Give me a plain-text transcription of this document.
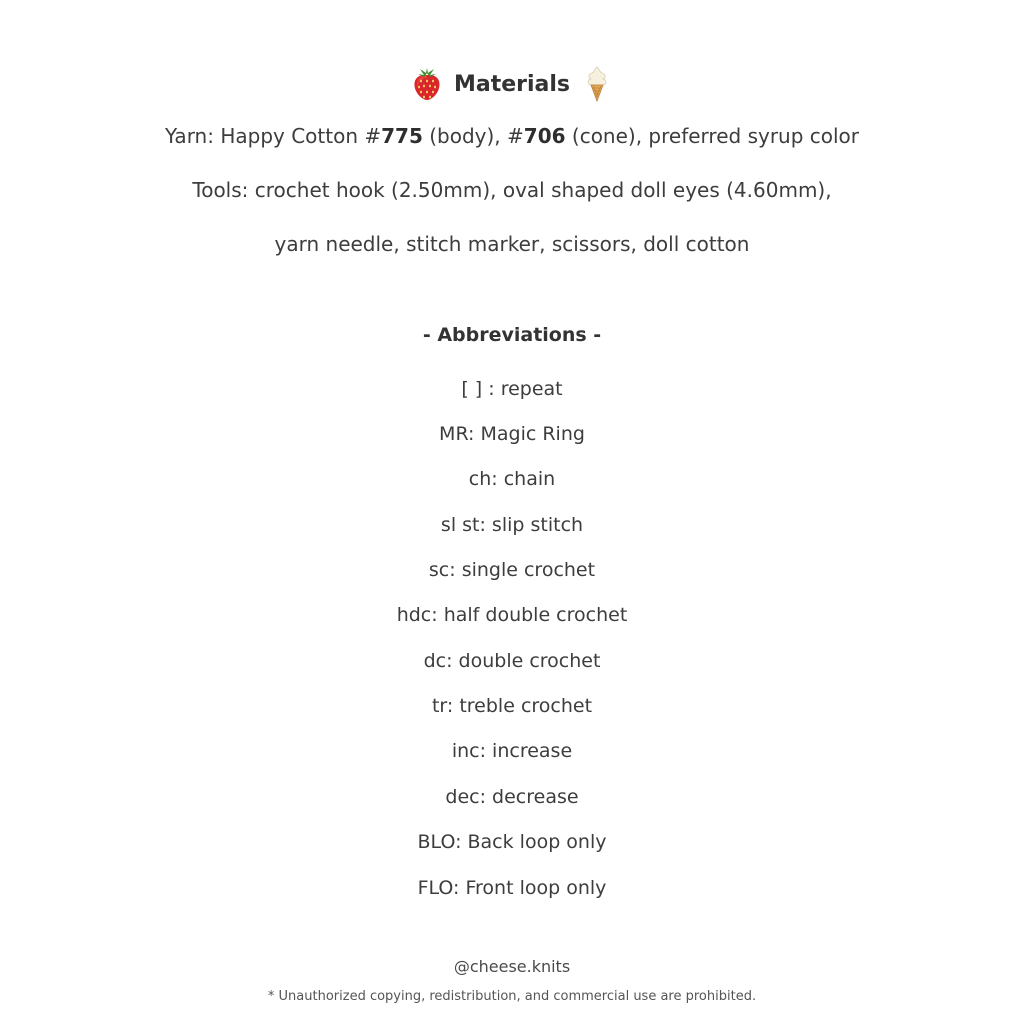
Materials
Yarn: Happy Cotton #775 (body), #706 (cone), preferred syrup color
Tools: crochet hook (2.50mm), oval shaped doll eyes (4.60mm),
yarn needle, stitch marker, scissors, doll cotton
- Abbreviations -
[ ] : repeat
MR: Magic Ring
ch: chain
sl st: slip stitch
sc: single crochet
hdc: half double crochet
dc: double crochet
tr: treble crochet
inc: increase
dec: decrease
BLO: Back loop only
FLO: Front loop only
@cheese.knits
* Unauthorized copying, redistribution, and commercial use are prohibited.
